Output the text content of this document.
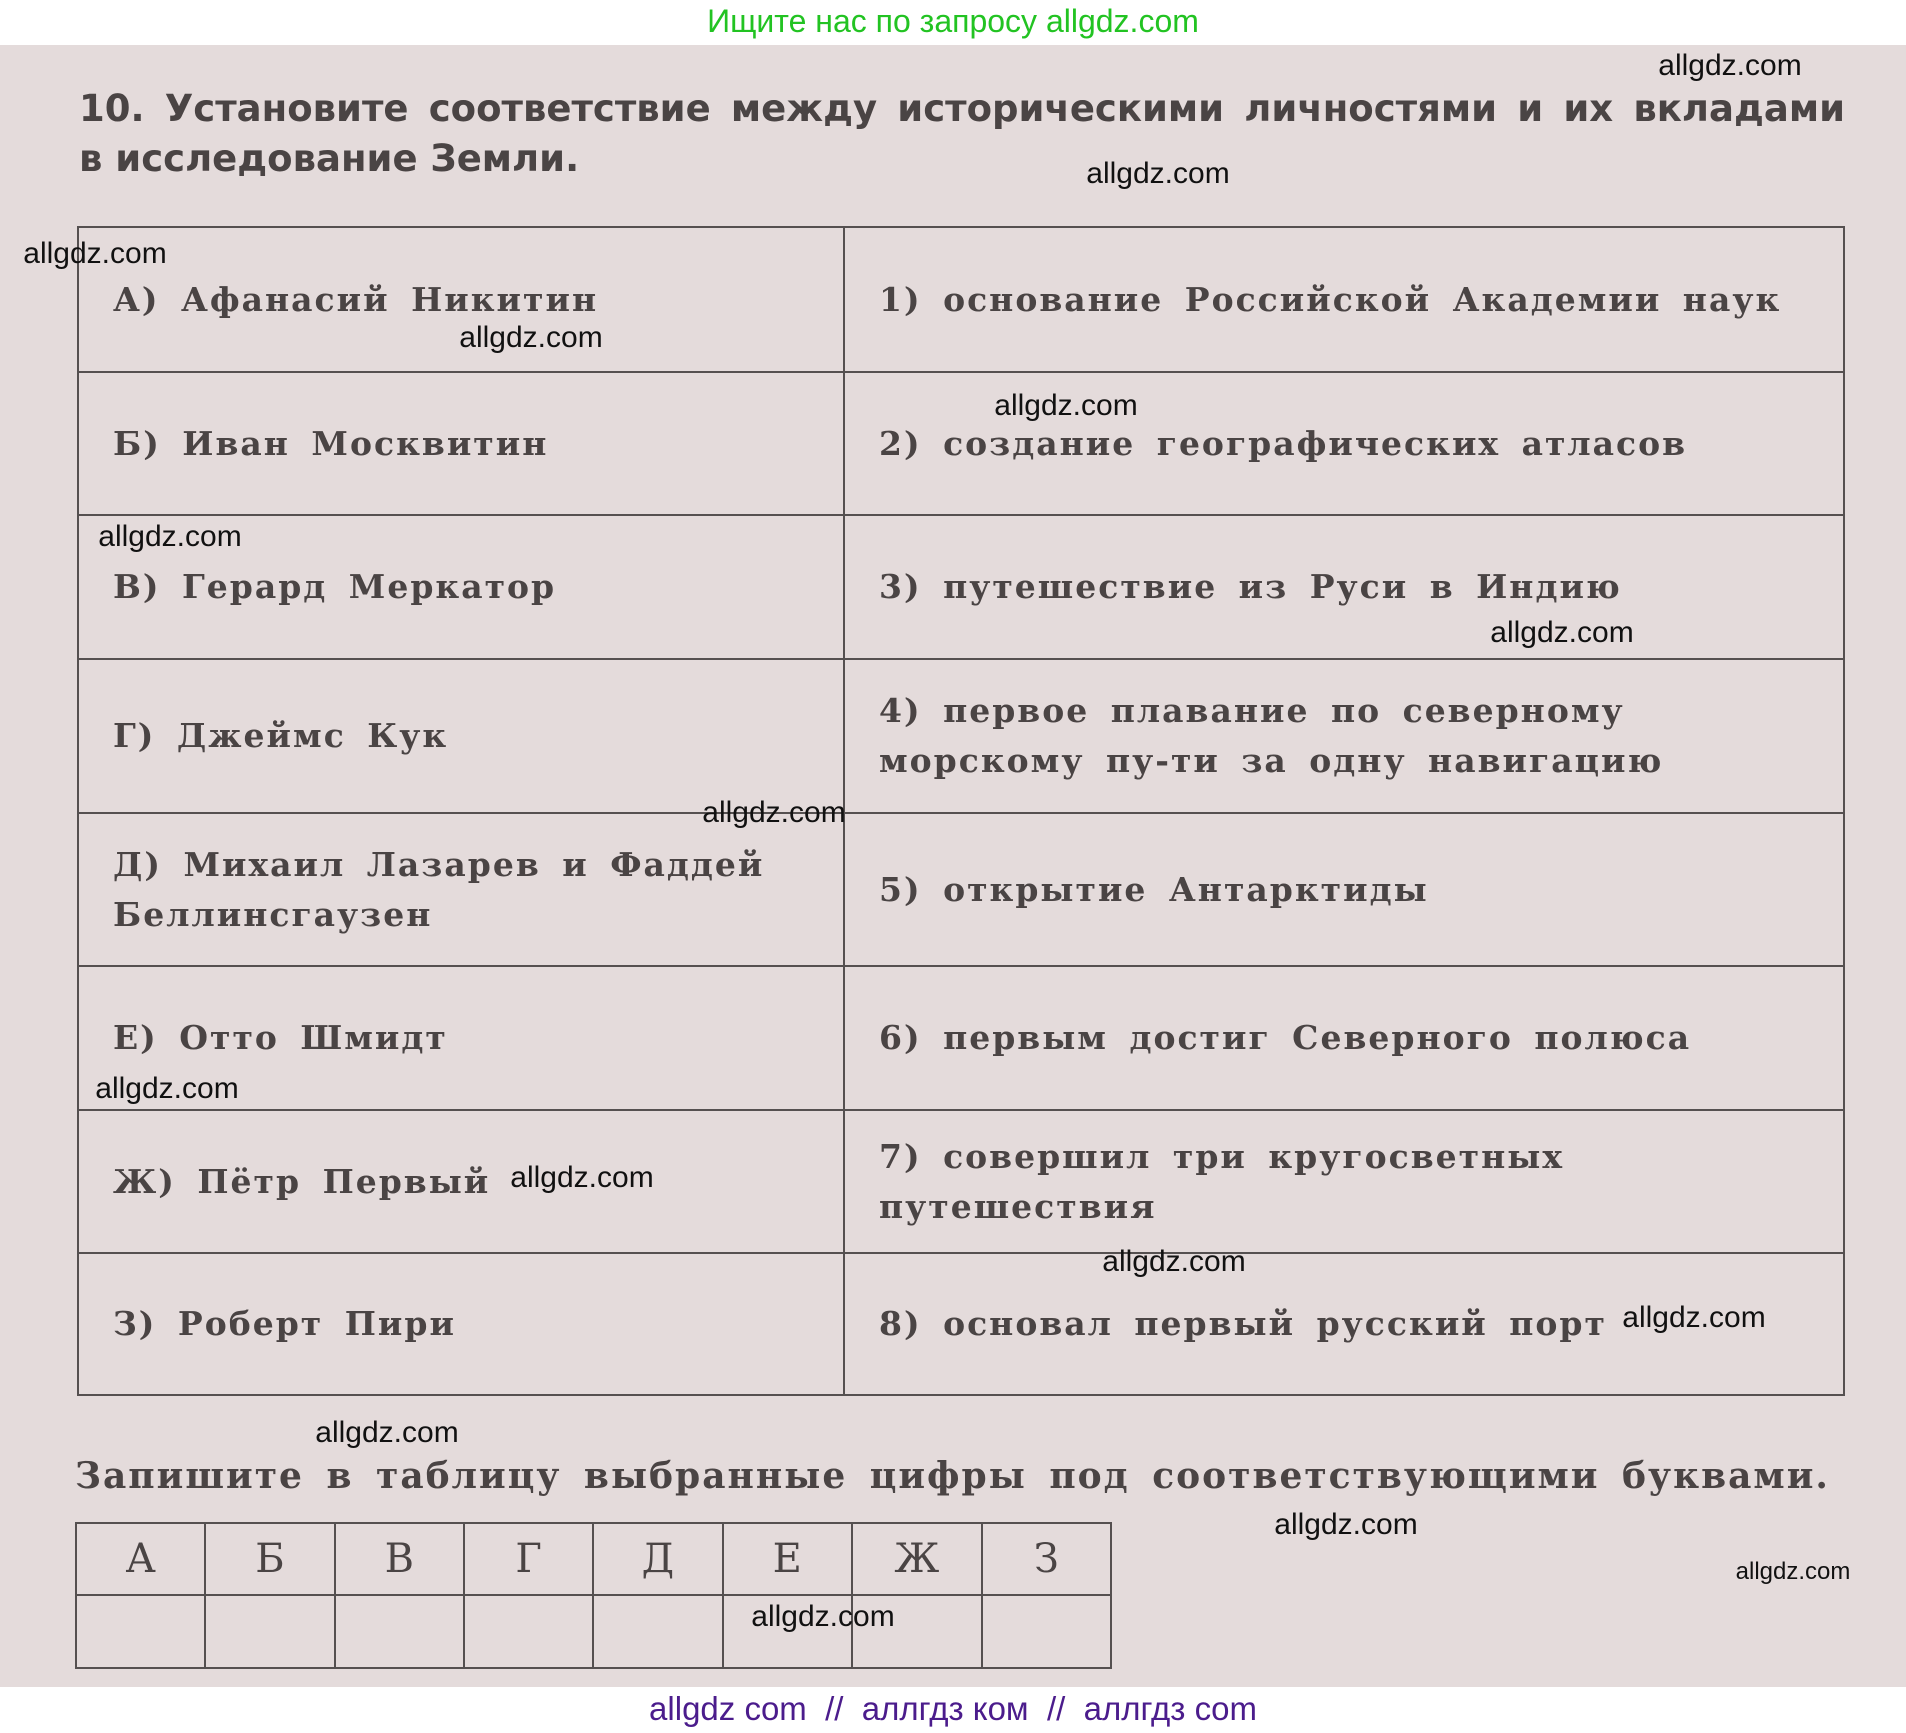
Ищите нас по запросу allgdz.com
10. Установите соответствие между историческими личностями и их вкладами
в исследование Земли.
А) Афанасий Никитин	1) основание Российской Академии наук
Б) Иван Москвитин	2) создание географических атласов
В) Герард Меркатор	3) путешествие из Руси в Индию
Г) Джеймс Кук	4) первое плавание по северному морскому пу-ти за одну навигацию
Д) Михаил Лазарев и Фаддей Беллинсгаузен	5) открытие Антарктиды
Е) Отто Шмидт	6) первым достиг Северного полюса
Ж) Пётр Первый	7) совершил три кругосветных путешествия
З) Роберт Пири	8) основал первый русский порт
Запишите в таблицу выбранные цифры под соответствующими буквами.
А	Б	В	Г	Д	Е	Ж	З

allgdz.com
allgdz.com
allgdz.com
allgdz.com
allgdz.com
allgdz.com
allgdz.com
allgdz.com
allgdz.com
allgdz.com
allgdz.com
allgdz.com
allgdz.com
allgdz.com
allgdz.com
allgdz.com
allgdz com  //  аллгдз ком  //  аллгдз com
